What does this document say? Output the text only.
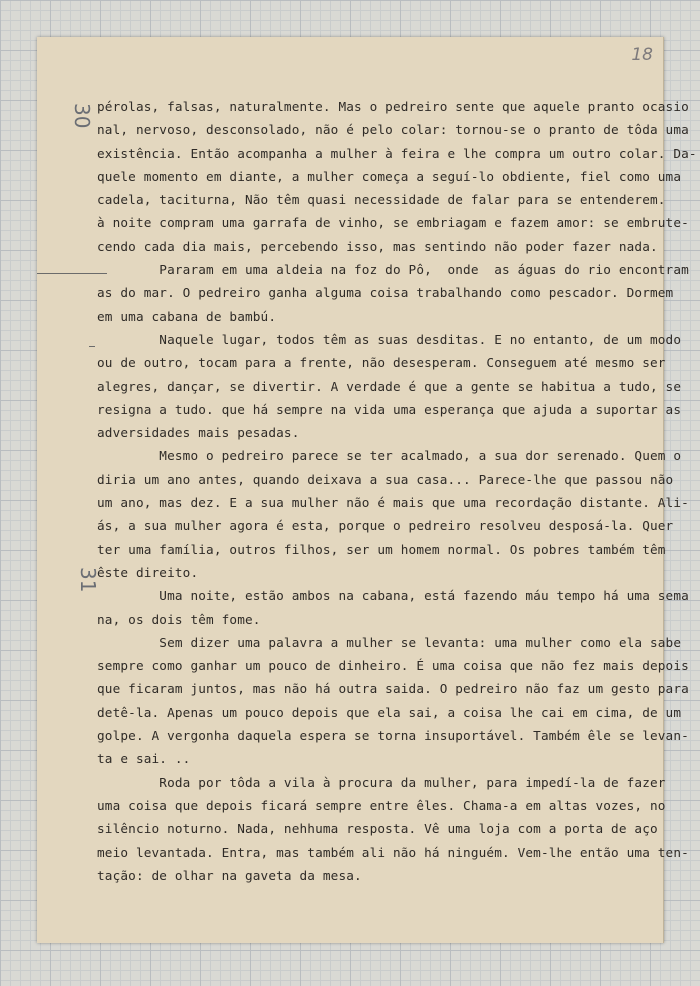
18
30
31
pérolas, falsas, naturalmente. Mas o pedreiro sente que aquele pranto ocasio
nal, nervoso, desconsolado, não é pelo colar: tornou-se o pranto de tôda uma
existência. Então acompanha a mulher à feira e lhe compra um outro colar. Da-
quele momento em diante, a mulher começa a seguí-lo obdiente, fiel como uma
cadela, taciturna, Não têm quasi necessidade de falar para se entenderem.
à noite compram uma garrafa de vinho, se embriagam e fazem amor: se embrute-
cendo cada dia mais, percebendo isso, mas sentindo não poder fazer nada.
Pararam em uma aldeia na foz do Pô,  onde  as águas do rio encontram
as do mar. O pedreiro ganha alguma coisa trabalhando como pescador. Dormem
em uma cabana de bambú.
Naquele lugar, todos têm as suas desditas. E no entanto, de um modo
ou de outro, tocam para a frente, não desesperam. Conseguem até mesmo ser
alegres, dançar, se divertir. A verdade é que a gente se habitua a tudo, se
resigna a tudo. que há sempre na vida uma esperança que ajuda a suportar as
adversidades mais pesadas.
Mesmo o pedreiro parece se ter acalmado, a sua dor serenado. Quem o
diria um ano antes, quando deixava a sua casa... Parece-lhe que passou não
um ano, mas dez. E a sua mulher não é mais que uma recordação distante. Ali-
ás, a sua mulher agora é esta, porque o pedreiro resolveu desposá-la. Quer
ter uma família, outros filhos, ser um homem normal. Os pobres também têm
êste direito.
Uma noite, estão ambos na cabana, está fazendo máu tempo há uma sema
na, os dois têm fome.
Sem dizer uma palavra a mulher se levanta: uma mulher como ela sabe
sempre como ganhar um pouco de dinheiro. É uma coisa que não fez mais depois
que ficaram juntos, mas não há outra saida. O pedreiro não faz um gesto para
detê-la. Apenas um pouco depois que ela sai, a coisa lhe cai em cima, de um
golpe. A vergonha daquela espera se torna insuportável. Também êle se levan-
ta e sai. ..
Roda por tôda a vila à procura da mulher, para impedí-la de fazer
uma coisa que depois ficará sempre entre êles. Chama-a em altas vozes, no
silêncio noturno. Nada, nehhuma resposta. Vê uma loja com a porta de aço
meio levantada. Entra, mas também ali não há ninguém. Vem-lhe então uma ten-
tação: de olhar na gaveta da mesa.
